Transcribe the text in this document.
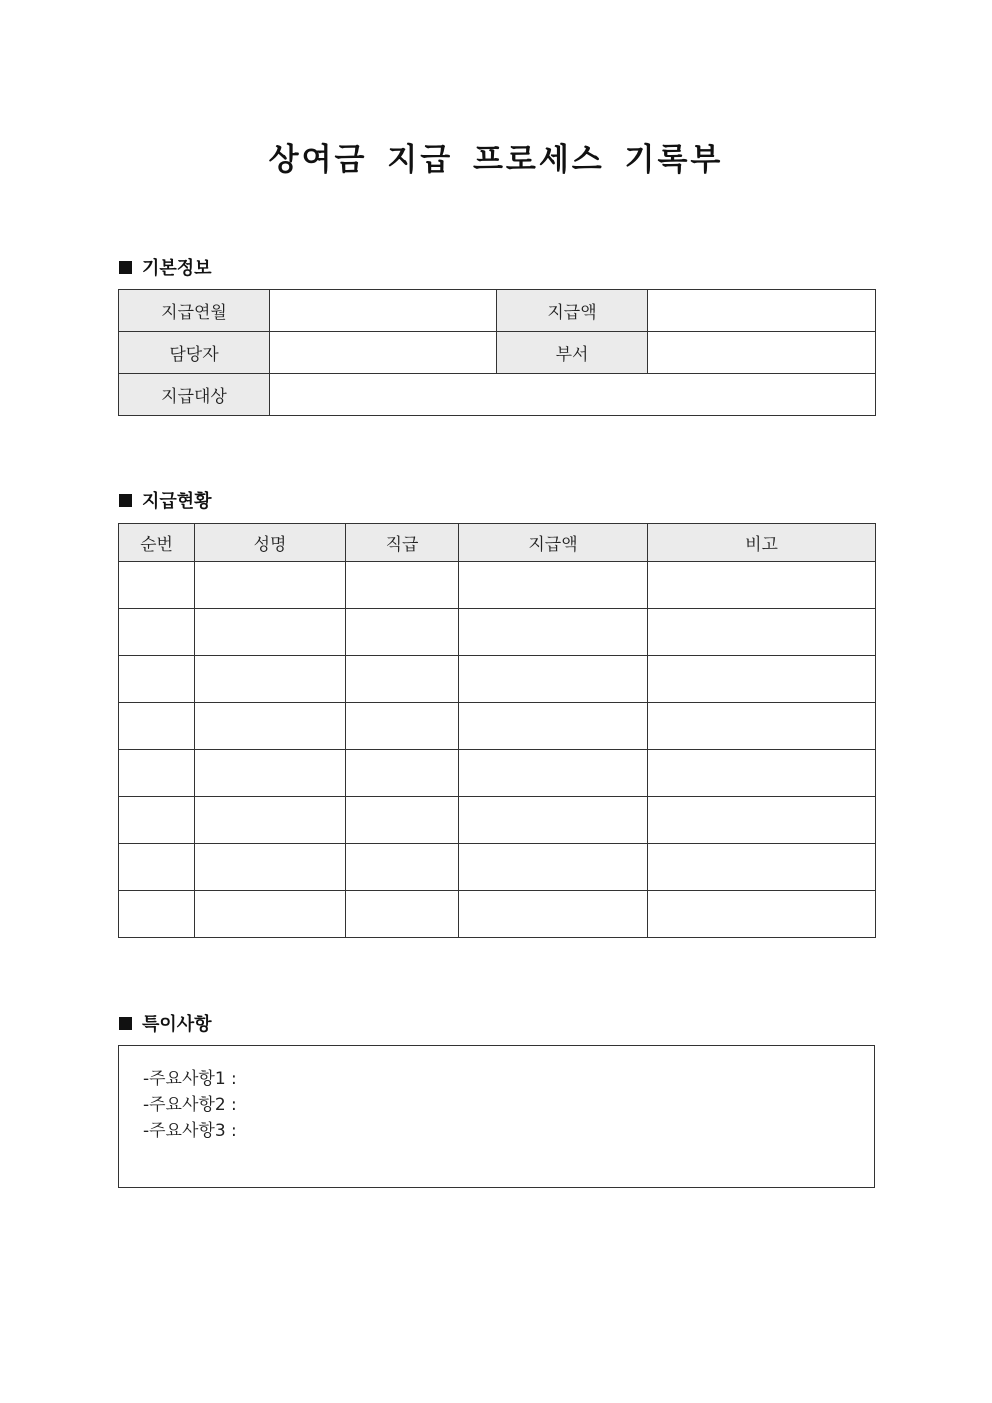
상여금 지급 프로세스 기록부
기본정보
지급연월		지급액	
담당자		부서	
지급대상			
지급현황
순번	성명	직급	지급액	비고

특이사항
-주요사항1 :
-주요사항2 :
-주요사항3 :
